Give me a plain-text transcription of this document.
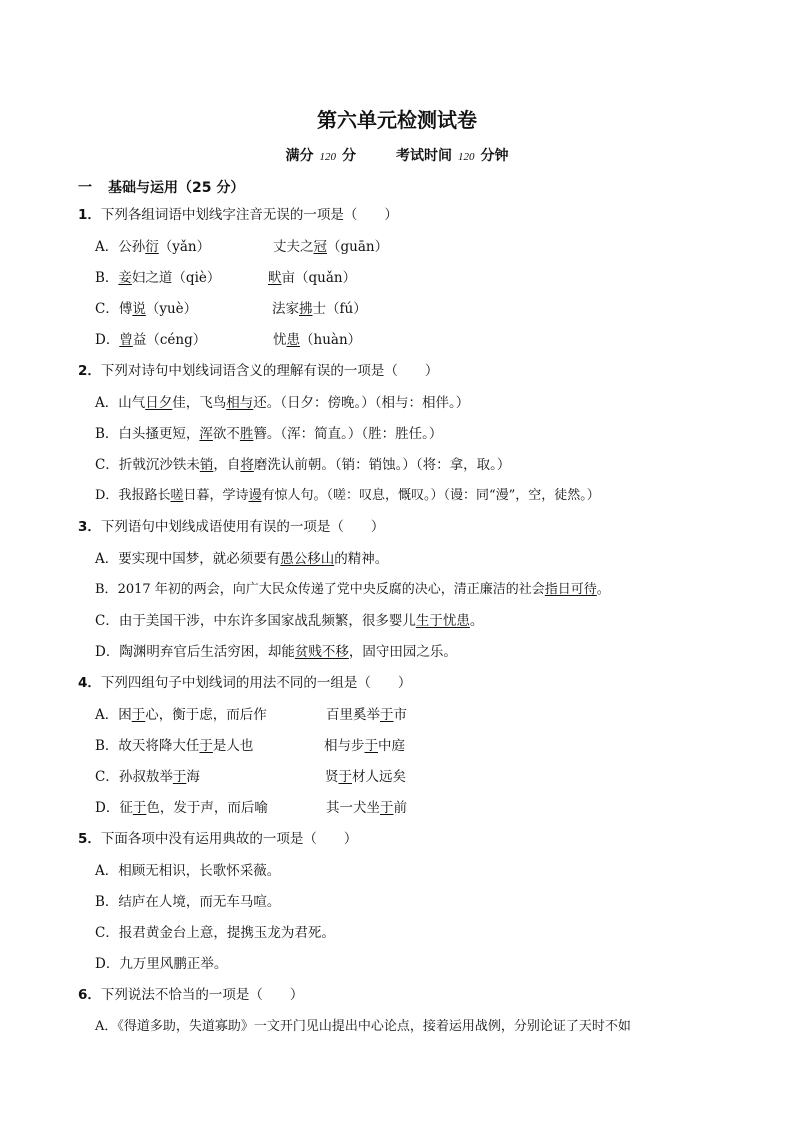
第六单元检测试卷
满分 120 分	考试时间 120 分钟
一 基础与运用（25 分）
1．下列各组词语中划线字注音无误的一项是（　　）
A．公孙衍（yǎn）	丈夫之冠（guān）
B．妾妇之道（qiè）	畎亩（quǎn）
C．傅说（yuè）	法家拂士（fú）
D．曾益（céng）	忧患（huàn）
2．下列对诗句中划线词语含义的理解有误的一项是（　　）
A．山气日夕佳，飞鸟相与还。（日夕：傍晚。）（相与：相伴。）
B．白头搔更短，浑欲不胜簪。（浑：简直。）（胜：胜任。）
C．折戟沉沙铁未销，自将磨洗认前朝。（销：销蚀。）（将：拿，取。）
D．我报路长嗟日暮，学诗谩有惊人句。（嗟：叹息，慨叹。）（谩：同“漫”，空，徒然。）
3．下列语句中划线成语使用有误的一项是（　　）
A．要实现中国梦，就必须要有愚公移山的精神。
B．2017 年初的两会，向广大民众传递了党中央反腐的决心，清正廉洁的社会指日可待。
C．由于美国干涉，中东许多国家战乱频繁，很多婴儿生于忧患。
D．陶渊明弃官后生活穷困，却能贫贱不移，固守田园之乐。
4．下列四组句子中划线词的用法不同的一组是（　　）
A．困于心，衡于虑，而后作	百里奚举于市
B．故天将降大任于是人也	相与步于中庭
C．孙叔敖举于海	贤于材人远矣
D．征于色，发于声，而后喻	其一犬坐于前
5．下面各项中没有运用典故的一项是（　　）
A．相顾无相识，长歌怀采薇。
B．结庐在人境，而无车马喧。
C．报君黄金台上意，提携玉龙为君死。
D．九万里风鹏正举。
6．下列说法不恰当的一项是（　　）
A．《得道多助，失道寡助》一文开门见山提出中心论点，接着运用战例，分别论证了天时不如
